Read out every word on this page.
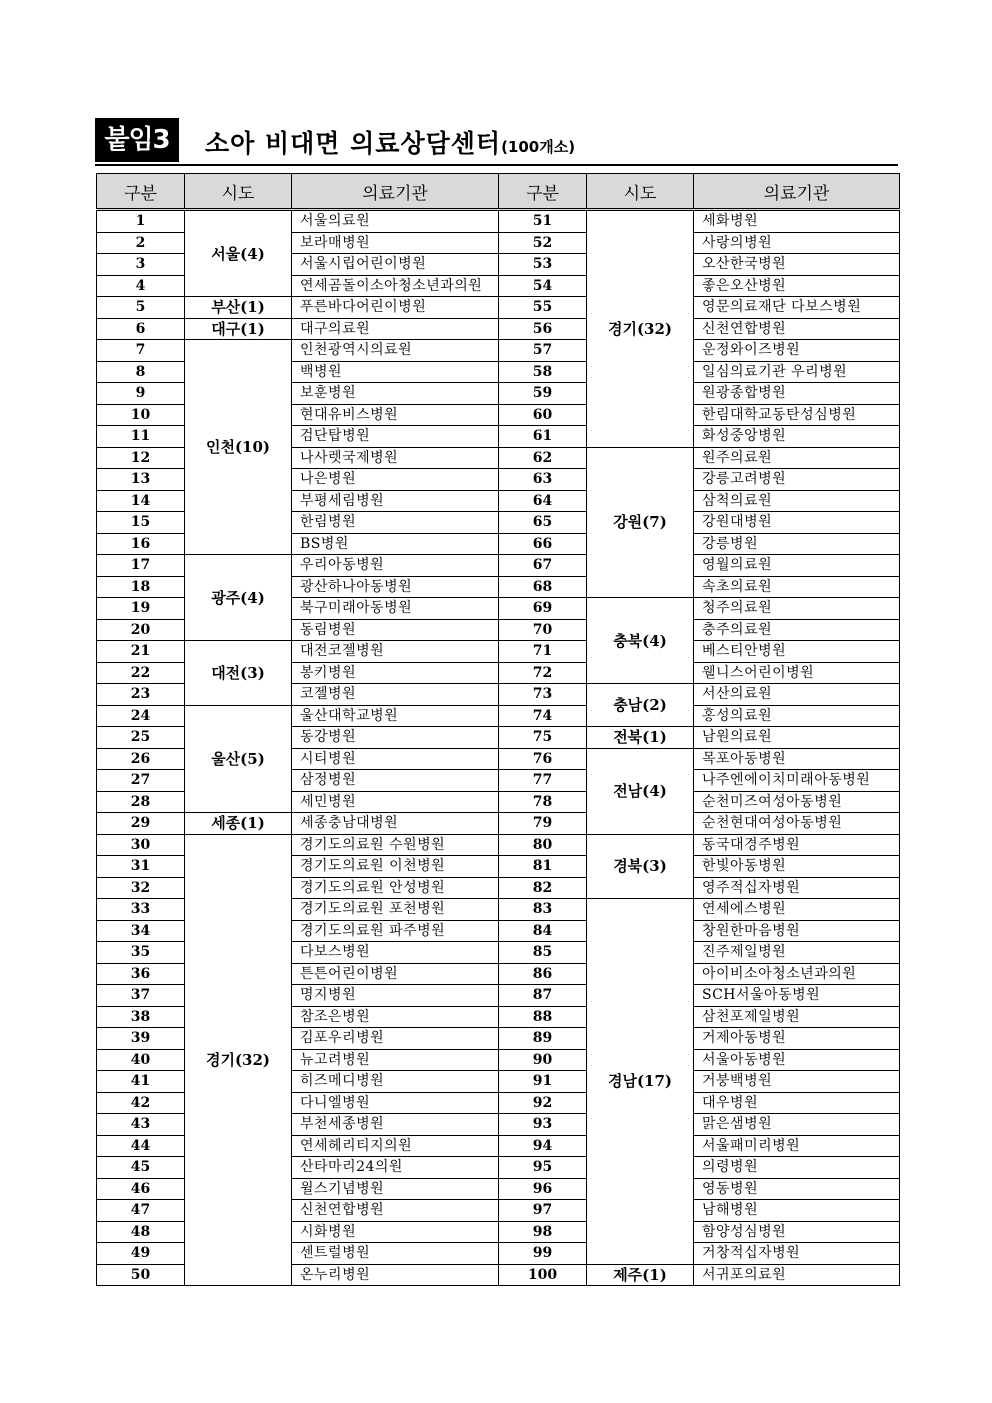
붙임3	소아 비대면 의료상담센터(100개소)
구분	시도	의료기관	구분	시도	의료기관
1	서울(4)	서울의료원	51	경기(32)	세화병원
2		보라매병원	52		사랑의병원
3		서울시립어린이병원	53		오산한국병원
4		연세곰돌이소아청소년과의원	54		좋은오산병원
5	부산(1)	푸른바다어린이병원	55		영문의료재단 다보스병원
6	대구(1)	대구의료원	56		신천연합병원
7	인천(10)	인천광역시의료원	57		운정와이즈병원
8		백병원	58		일심의료기관 우리병원
9		보훈병원	59		원광종합병원
10		현대유비스병원	60		한림대학교동탄성심병원
11		검단탑병원	61		화성중앙병원
12		나사렛국제병원	62	강원(7)	원주의료원
13		나은병원	63		강릉고려병원
14		부평세림병원	64		삼척의료원
15		한림병원	65		강원대병원
16		BS병원	66		강릉병원
17	광주(4)	우리아동병원	67		영월의료원
18		광산하나아동병원	68		속초의료원
19		북구미래아동병원	69	충북(4)	청주의료원
20		동림병원	70		충주의료원
21	대전(3)	대전코젤병원	71		베스티안병원
22		봉키병원	72		웰니스어린이병원
23		코젤병원	73	충남(2)	서산의료원
24	울산(5)	울산대학교병원	74		홍성의료원
25		동강병원	75	전북(1)	남원의료원
26		시티병원	76	전남(4)	목포아동병원
27		삼정병원	77		나주엔에이치미래아동병원
28		세민병원	78		순천미즈여성아동병원
29	세종(1)	세종충남대병원	79		순천현대여성아동병원
30	경기(32)	경기도의료원 수원병원	80	경북(3)	동국대경주병원
31		경기도의료원 이천병원	81		한빛아동병원
32		경기도의료원 안성병원	82		영주적십자병원
33		경기도의료원 포천병원	83	경남(17)	연세에스병원
34		경기도의료원 파주병원	84		창원한마음병원
35		다보스병원	85		진주제일병원
36		튼튼어린이병원	86		아이비소아청소년과의원
37		명지병원	87		SCH서울아동병원
38		참조은병원	88		삼천포제일병원
39		김포우리병원	89		거제아동병원
40		뉴고려병원	90		서울아동병원
41		히즈메디병원	91		거붕백병원
42		다니엘병원	92		대우병원
43		부천세종병원	93		맑은샘병원
44		연세헤리티지의원	94		서울패미리병원
45		산타마리24의원	95		의령병원
46		윌스기념병원	96		영동병원
47		신천연합병원	97		남해병원
48		시화병원	98		함양성심병원
49		센트럴병원	99		거창적십자병원
50		온누리병원	100	제주(1)	서귀포의료원
